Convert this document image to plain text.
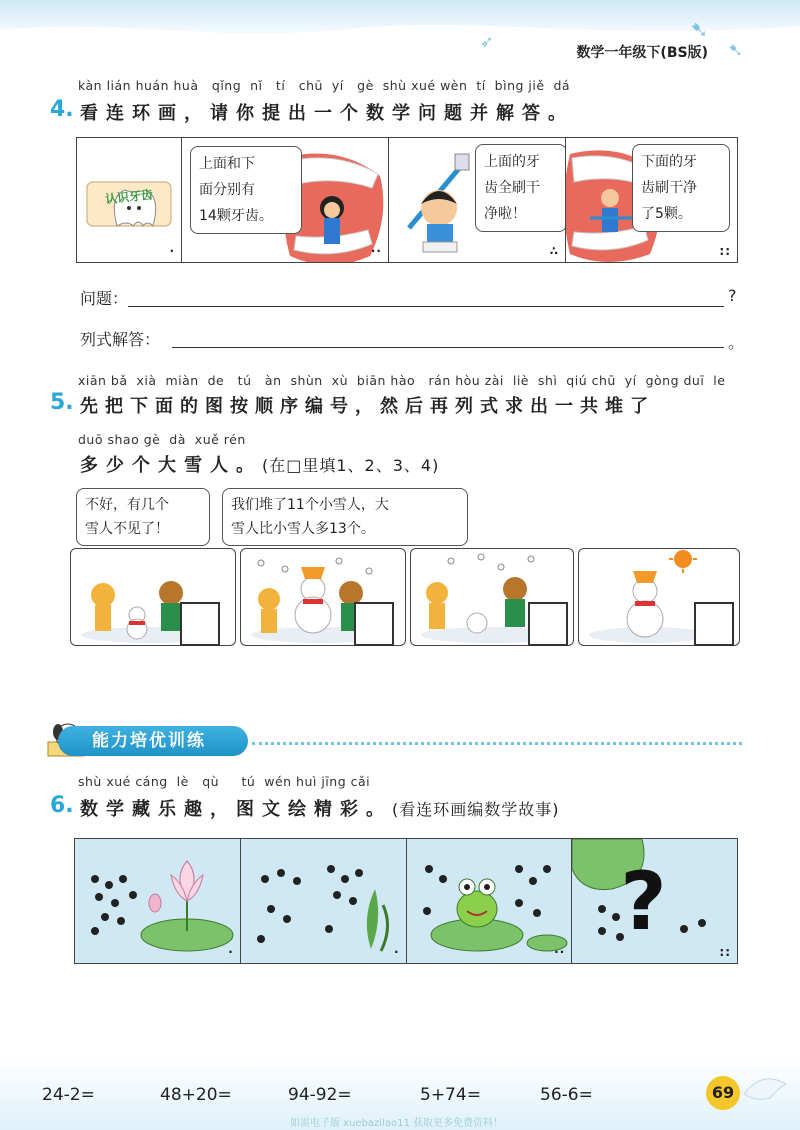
➶	➷
➷
数学一年级下(BS版)
kàn lián huán huà   qǐng  nǐ   tí   chū  yí   gè  shù xué wèn  tí  bìng jiě  dá
4. 看连环画，请你提出一个数学问题并解答。
认识牙齿
·
上面和下
面分别有
14颗牙齿。
··
上面的牙
齿全刷干
净啦！
∴
下面的牙
齿刷干净
了5颗。
::
问题：	?
列式解答：	。
xiān bǎ  xià  miàn  de   tú   àn  shùn  xù  biān hào   rán hòu zài  liè  shì  qiú chū  yí  gòng duī  le
5. 先把下面的图按顺序编号，然后再列式求出一共堆了
duō shao gè  dà  xuě rén
多少个大雪人。(在□里填1、2、3、4)
不好，有几个
雪人不见了！
我们堆了11个小雪人，大
雪人比小雪人多13个。
能力培优训练
shù xué cáng  lè   qù     tú  wén huì jīng cǎi
6. 数学藏乐趣，图文绘精彩。(看连环画编数学故事)
·	·	··
?
::
24-2=	48+20=	94-92=	5+74=	56-6=	69
如需电子版 xuebazilao11 获取更多免费资料！
